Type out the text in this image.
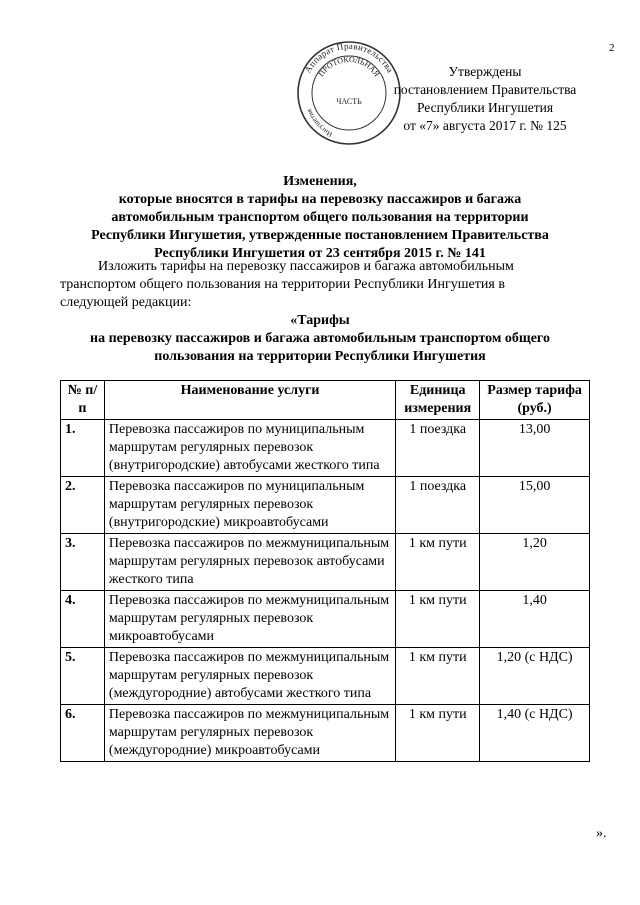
2
Аппарат Правительства
ПРОТОКОЛЬНАЯ
Ингушетия
ЧАСТЬ
Утверждены
постановлением Правительства
Республики Ингушетия
от «7» августа 2017 г. № 125
Изменения,
которые вносятся в тарифы на перевозку пассажиров и багажа
автомобильным транспортом общего пользования на территории
Республики Ингушетия, утвержденные постановлением Правительства
Республики Ингушетия от 23 сентября 2015 г. № 141
Изложить тарифы на перевозку пассажиров и багажа автомобильным
транспортом общего пользования на территории Республики Ингушетия в
следующей редакции:
«Тарифы
на перевозку пассажиров и багажа автомобильным транспортом общего
пользования на территории Республики Ингушетия
№ п/п	Наименование услуги	Единица измерения	Размер тарифа (руб.)
1.	Перевозка пассажиров по муниципальным маршрутам регулярных перевозок (внутригородские) автобусами жесткого типа	1 поездка	13,00
2.	Перевозка пассажиров по муниципальным маршрутам регулярных перевозок (внутригородские) микроавтобусами	1 поездка	15,00
3.	Перевозка пассажиров по межмуниципальным маршрутам регулярных перевозок автобусами жесткого типа	1 км пути	1,20
4.	Перевозка пассажиров по межмуниципальным маршрутам регулярных перевозок микроавтобусами	1 км пути	1,40
5.	Перевозка пассажиров по межмуниципальным маршрутам регулярных перевозок (междугородние) автобусами жесткого типа	1 км пути	1,20 (с НДС)
6.	Перевозка пассажиров по межмуниципальным маршрутам регулярных перевозок (междугородние) микроавтобусами	1 км пути	1,40 (с НДС)
».
